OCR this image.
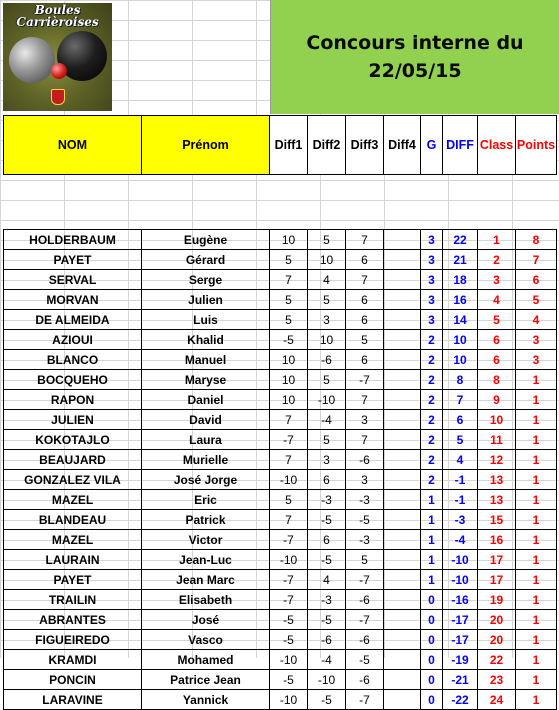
Boules
Carrièroises
Concours interne du
22/05/15
NOM	Prénom	Diff1	Diff2	Diff3	Diff4	G	DIFF	Class	Points

HOLDERBAUM	Eugène	10	5	7		3	22	1	8
PAYET	Gérard	5	10	6		3	21	2	7
SERVAL	Serge	7	4	7		3	18	3	6
MORVAN	Julien	5	5	6		3	16	4	5
DE ALMEIDA	Luis	5	3	6		3	14	5	4
AZIOUI	Khalid	-5	10	5		2	10	6	3
BLANCO	Manuel	10	-6	6		2	10	6	3
BOCQUEHO	Maryse	10	5	-7		2	8	8	1
RAPON	Daniel	10	-10	7		2	7	9	1
JULIEN	David	7	-4	3		2	6	10	1
KOKOTAJLO	Laura	-7	5	7		2	5	11	1
BEAUJARD	Murielle	7	3	-6		2	4	12	1
GONZALEZ VILA	José Jorge	-10	6	3		2	-1	13	1
MAZEL	Eric	5	-3	-3		1	-1	13	1
BLANDEAU	Patrick	7	-5	-5		1	-3	15	1
MAZEL	Victor	-7	6	-3		1	-4	16	1
LAURAIN	Jean-Luc	-10	-5	5		1	-10	17	1
PAYET	Jean Marc	-7	4	-7		1	-10	17	1
TRAILIN	Elisabeth	-7	-3	-6		0	-16	19	1
ABRANTES	José	-5	-5	-7		0	-17	20	1
FIGUEIREDO	Vasco	-5	-6	-6		0	-17	20	1
KRAMDI	Mohamed	-10	-4	-5		0	-19	22	1
PONCIN	Patrice Jean	-5	-10	-6		0	-21	23	1
LARAVINE	Yannick	-10	-5	-7		0	-22	24	1
